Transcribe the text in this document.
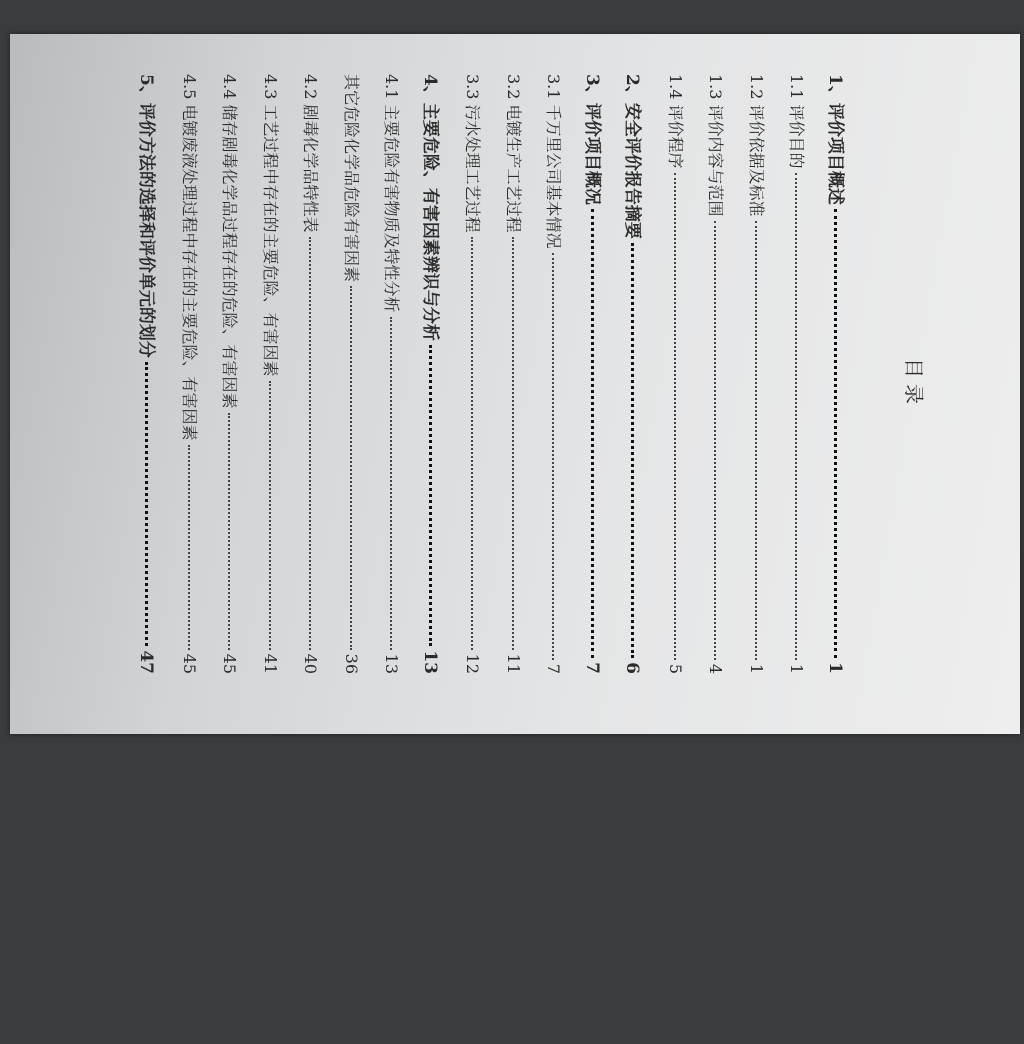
目录
1、评价项目概述
1
1.1 评价目的
1
1.2 评价依据及标准
1
1.3 评价内容与范围
4
1.4 评价程序
5
2、安全评价报告摘要
6
3、评价项目概况
7
3.1 千万里公司基本情况
7
3.2 电镀生产工艺过程
11
3.3 污水处理工艺过程
12
4、主要危险、有害因素辨识与分析
13
4.1 主要危险有害物质及特性分析
13
其它危险化学品危险有害因素
36
4.2 剧毒化学品特性表
40
4.3 工艺过程中存在的主要危险、有害因素
41
4.4 储存剧毒化学品过程存在的危险、有害因素
45
4.5 电镀废液处理过程中存在的主要危险、有害因素
45
5、评价方法的选择和评价单元的划分
47
